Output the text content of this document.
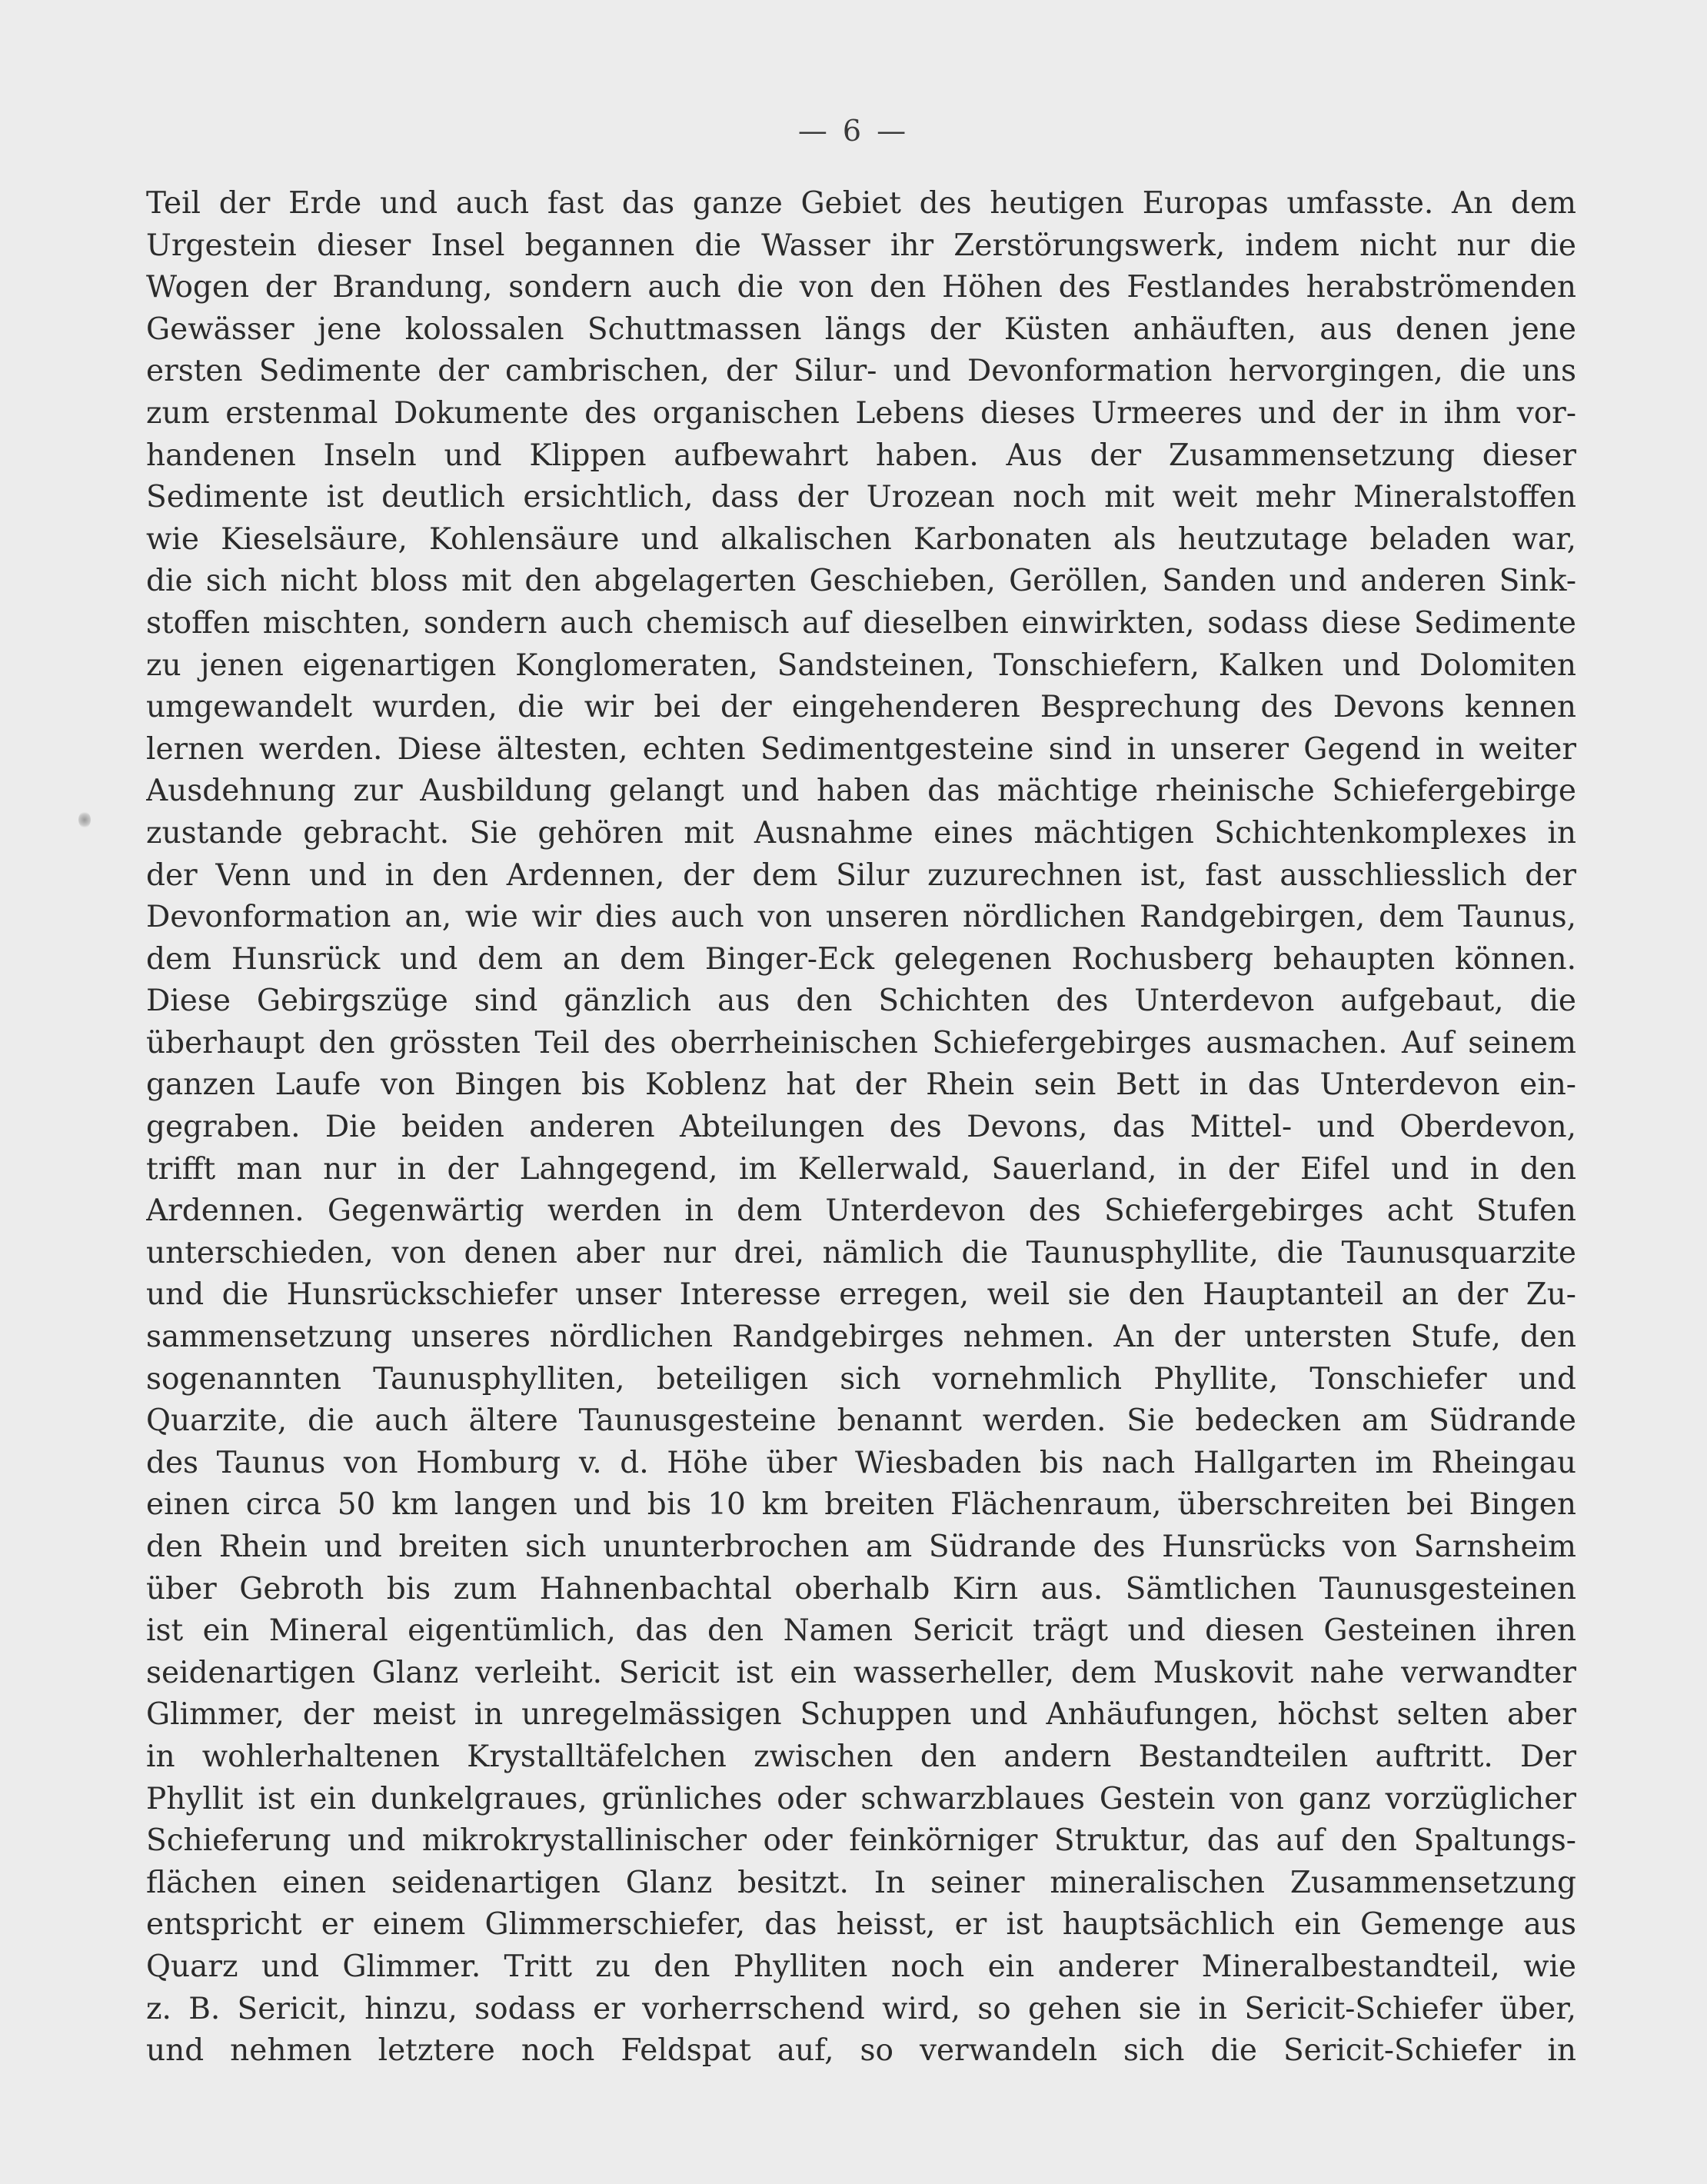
— 6 —
Teil der Erde und auch fast das ganze Gebiet des heutigen Europas umfasste. An dem
Urgestein dieser Insel begannen die Wasser ihr Zerstörungswerk, indem nicht nur die
Wogen der Brandung, sondern auch die von den Höhen des Festlandes herabströmenden
Gewässer jene kolossalen Schuttmassen längs der Küsten anhäuften, aus denen jene
ersten Sedimente der cambrischen, der Silur- und Devonformation hervorgingen, die uns
zum erstenmal Dokumente des organischen Lebens dieses Urmeeres und der in ihm vor-
handenen Inseln und Klippen aufbewahrt haben. Aus der Zusammensetzung dieser
Sedimente ist deutlich ersichtlich, dass der Urozean noch mit weit mehr Mineralstoffen
wie Kieselsäure, Kohlensäure und alkalischen Karbonaten als heutzutage beladen war,
die sich nicht bloss mit den abgelagerten Geschieben, Geröllen, Sanden und anderen Sink-
stoffen mischten, sondern auch chemisch auf dieselben einwirkten, sodass diese Sedimente
zu jenen eigenartigen Konglomeraten, Sandsteinen, Tonschiefern, Kalken und Dolomiten
umgewandelt wurden, die wir bei der eingehenderen Besprechung des Devons kennen
lernen werden. Diese ältesten, echten Sedimentgesteine sind in unserer Gegend in weiter
Ausdehnung zur Ausbildung gelangt und haben das mächtige rheinische Schiefergebirge
zustande gebracht. Sie gehören mit Ausnahme eines mächtigen Schichtenkomplexes in
der Venn und in den Ardennen, der dem Silur zuzurechnen ist, fast ausschliesslich der
Devonformation an, wie wir dies auch von unseren nördlichen Randgebirgen, dem Taunus,
dem Hunsrück und dem an dem Binger-Eck gelegenen Rochusberg behaupten können.
Diese Gebirgszüge sind gänzlich aus den Schichten des Unterdevon aufgebaut, die
überhaupt den grössten Teil des oberrheinischen Schiefergebirges ausmachen. Auf seinem
ganzen Laufe von Bingen bis Koblenz hat der Rhein sein Bett in das Unterdevon ein-
gegraben. Die beiden anderen Abteilungen des Devons, das Mittel- und Oberdevon,
trifft man nur in der Lahngegend, im Kellerwald, Sauerland, in der Eifel und in den
Ardennen. Gegenwärtig werden in dem Unterdevon des Schiefergebirges acht Stufen
unterschieden, von denen aber nur drei, nämlich die Taunusphyllite, die Taunusquarzite
und die Hunsrückschiefer unser Interesse erregen, weil sie den Hauptanteil an der Zu-
sammensetzung unseres nördlichen Randgebirges nehmen. An der untersten Stufe, den
sogenannten Taunusphylliten, beteiligen sich vornehmlich Phyllite, Tonschiefer und
Quarzite, die auch ältere Taunusgesteine benannt werden. Sie bedecken am Südrande
des Taunus von Homburg v. d. Höhe über Wiesbaden bis nach Hallgarten im Rheingau
einen circa 50 km langen und bis 10 km breiten Flächenraum, überschreiten bei Bingen
den Rhein und breiten sich ununterbrochen am Südrande des Hunsrücks von Sarnsheim
über Gebroth bis zum Hahnenbachtal oberhalb Kirn aus. Sämtlichen Taunusgesteinen
ist ein Mineral eigentümlich, das den Namen Sericit trägt und diesen Gesteinen ihren
seidenartigen Glanz verleiht. Sericit ist ein wasserheller, dem Muskovit nahe verwandter
Glimmer, der meist in unregelmässigen Schuppen und Anhäufungen, höchst selten aber
in wohlerhaltenen Krystalltäfelchen zwischen den andern Bestandteilen auftritt. Der
Phyllit ist ein dunkelgraues, grünliches oder schwarzblaues Gestein von ganz vorzüglicher
Schieferung und mikrokrystallinischer oder feinkörniger Struktur, das auf den Spaltungs-
flächen einen seidenartigen Glanz besitzt. In seiner mineralischen Zusammensetzung
entspricht er einem Glimmerschiefer, das heisst, er ist hauptsächlich ein Gemenge aus
Quarz und Glimmer. Tritt zu den Phylliten noch ein anderer Mineralbestandteil, wie
z. B. Sericit, hinzu, sodass er vorherrschend wird, so gehen sie in Sericit-Schiefer über,
und nehmen letztere noch Feldspat auf, so verwandeln sich die Sericit-Schiefer in
